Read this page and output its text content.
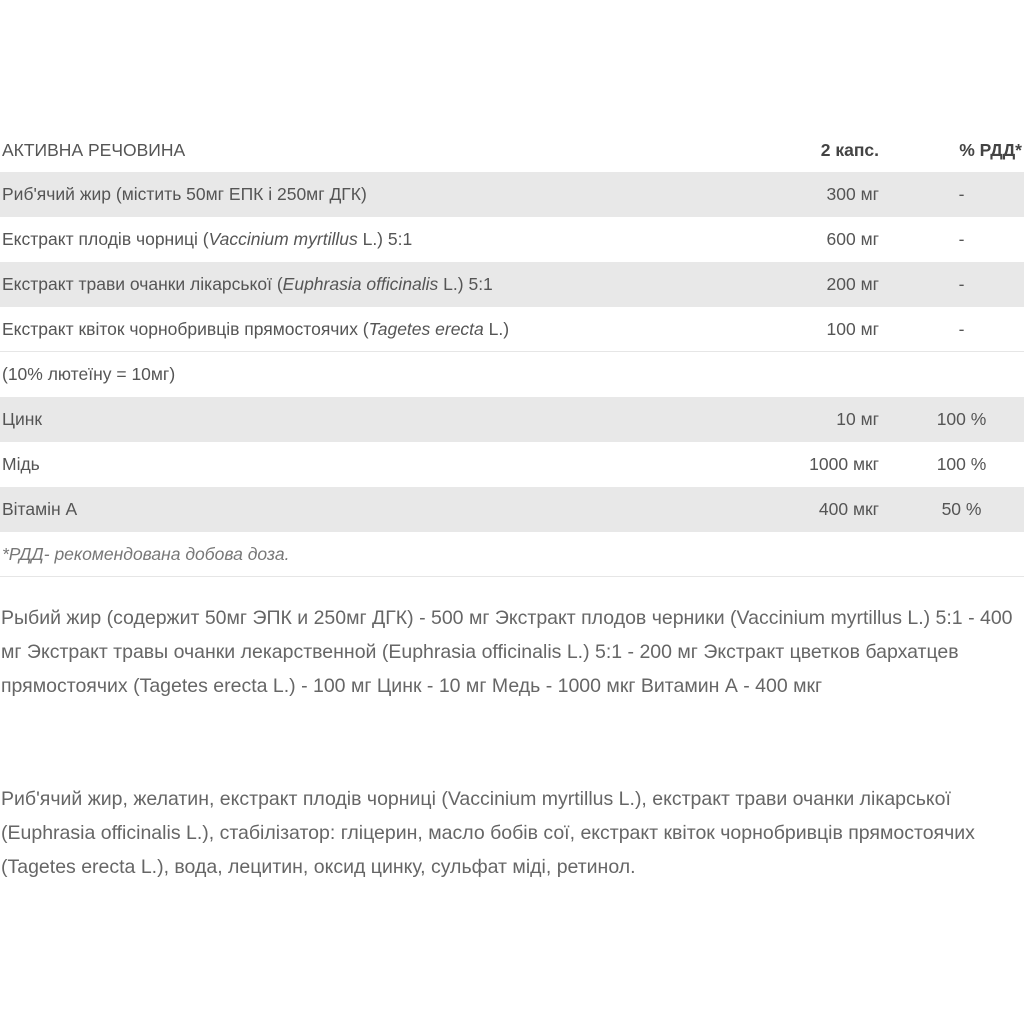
АКТИВНА РЕЧОВИНА	2 капс.	% РДД*
Риб'ячий жир (містить 50мг ЕПК і 250мг ДГК)	300 мг	-
Екстракт плодів чорниці (Vaccinium myrtillus L.) 5:1	600 мг	-
Екстракт трави очанки лікарської (Euphrasia officinalis L.) 5:1	200 мг	-
Екстракт квіток чорнобривців прямостоячих (Tagetes erecta L.)	100 мг	-
(10% лютеїну = 10мг)
Цинк	10 мг	100 %
Мідь	1000 мкг	100 %
Вітамін А	400 мкг	50 %
*РДД- рекомендована добова доза.

Рыбий жир (содержит 50мг ЭПК и 250мг ДГК) - 500 мг Экстракт плодов черники (Vaccinium myrtillus L.) 5:1 - 400 мг Экстракт травы очанки лекарственной (Euphrasia officinalis L.) 5:1 - 200 мг Экстракт цветков бархатцев прямостоячих (Tagetes erecta L.) - 100 мг Цинк - 10 мг Медь - 1000 мкг Витамин А - 400 мкг

Риб'ячий жир, желатин, екстракт плодів чорниці (Vaccinium myrtillus L.), екстракт трави очанки лікарської (Euphrasia officinalis L.), стабілізатор: гліцерин, масло бобів сої, екстракт квіток чорнобривців прямостоячих (Tagetes erecta L.), вода, лецитин, оксид цинку, сульфат міді, ретинол.
